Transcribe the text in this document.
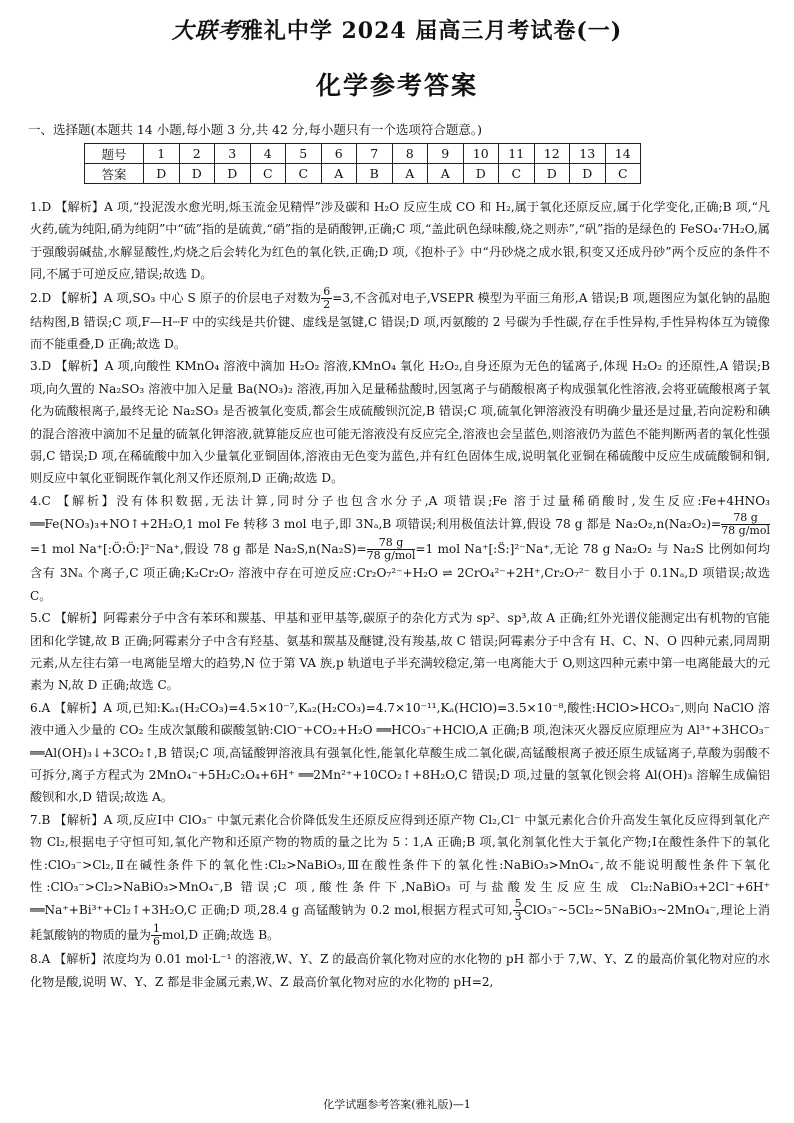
大联考雅礼中学 2024 届高三月考试卷(一)
化学参考答案
一、选择题(本题共 14 小题,每小题 3 分,共 42 分,每小题只有一个选项符合题意。)
题号	1	2	3	4	5	6	7	8	9	10	11	12	13	14
答案	D	D	D	C	C	A	B	A	A	D	C	D	D	C

1.D 【解析】A 项,“投泥泼水愈光明,烁玉流金见精悍”涉及碳和 H₂O 反应生成 CO 和 H₂,属于氧化还原反应,属于化学变化,正确;B 项,“凡火药,硫为纯阳,硝为纯阴”中“硫”指的是硫黄,“硝”指的是硝酸钾,正确;C 项,“盖此矾色绿味酸,烧之则赤”,“矾”指的是绿色的 FeSO₄·7H₂O,属于强酸弱碱盐,水解显酸性,灼烧之后会转化为红色的氧化铁,正确;D 项,《抱朴子》中“丹砂烧之成水银,积变又还成丹砂”两个反应的条件不同,不属于可逆反应,错误;故选 D。

2.D 【解析】A 项,SO₃ 中心 S 原子的价层电子对数为 $\frac{6}{2} =3$,不含孤对电子,VSEPR 模型为平面三角形,A 错误;B 项,题图应为氯化钠的晶胞结构图,B 错误;C 项,F—H┄F 中的实线是共价键、虚线是氢键,C 错误;D 项,丙氨酸的 2 号碳为手性碳,存在手性异构,手性异构体互为镜像而不能重叠,D 正确;故选 D。

3.D 【解析】A 项,向酸性 KMnO₄ 溶液中滴加 H₂O₂ 溶液,KMnO₄ 氧化 H₂O₂,自身还原为无色的锰离子,体现 H₂O₂ 的还原性,A 错误;B 项,向久置的 Na₂SO₃ 溶液中加入足量 Ba(NO₃)₂ 溶液,再加入足量稀盐酸时,因氢离子与硝酸根离子构成强氧化性溶液,会将亚硫酸根离子氧化为硫酸根离子,最终无论 Na₂SO₃ 是否被氧化变质,都会生成硫酸钡沉淀,B 错误;C 项,硫氧化钾溶液没有明确少量还是过量,若向淀粉和碘的混合溶液中滴加不足量的硫氧化钾溶液,就算能反应也可能无溶液没有反应完全,溶液也会呈蓝色,则溶液仍为蓝色不能判断两者的氧化性强弱,C 错误;D 项,在稀硫酸中加入少量氧化亚铜固体,溶液由无色变为蓝色,并有红色固体生成,说明氧化亚铜在稀硫酸中反应生成硫酸铜和铜,则反应中氧化亚铜既作氧化剂又作还原剂,D 正确;故选 D。

4.C 【解析】没有体积数据,无法计算,同时分子也包含水分子,A 项错误;Fe 溶于过量稀硝酸时,发生反应:Fe+4HNO₃ ══Fe(NO₃)₃+NO↑+2H₂O,1 mol Fe 转移 3 mol 电子,即 3Nₐ,B 项错误;利用极值法计算,假设 78 g 都是 $Na_2O_2,n(Na_2O_2)= \frac{78 g}{\text{78 g/mol}}$
=1 mol Na⁺[:Ö:Ö:]²⁻Na⁺,假设 78 g 都是 $Na_2S,n(Na_2S)= \frac{78 g}{\text{78 g/mol}} =1$ mol Na⁺[:S̈:]²⁻Na⁺,无论 78 g Na₂O₂ 与 Na₂S 比例如何均含有 3Nₐ 个离子,C 项正确;K₂Cr₂O₇ 溶液中存在可逆反应:Cr₂O₇²⁻+H₂O ⇌ 2CrO₄²⁻+2H⁺,Cr₂O₇²⁻ 数目小于 0.1Nₐ,D 项错误;故选 C。

5.C 【解析】阿霉素分子中含有苯环和羰基、甲基和亚甲基等,碳原子的杂化方式为 sp²、sp³,故 A 正确;红外光谱仪能测定出有机物的官能团和化学键,故 B 正确;阿霉素分子中含有羟基、氨基和羰基及醚键,没有羧基,故 C 错误;阿霉素分子中含有 H、C、N、O 四种元素,同周期元素,从左往右第一电离能呈增大的趋势,N 位于第 VA 族,p 轨道电子半充满较稳定,第一电离能大于 O,则这四种元素中第一电离能最大的元素为 N,故 D 正确;故选 C。

6.A 【解析】A 项,已知:Kₐ₁(H₂CO₃)=4.5×10⁻⁷,Kₐ₂(H₂CO₃)=4.7×10⁻¹¹,Kₐ(HClO)=3.5×10⁻⁸,酸性:HClO>HCO₃⁻,则向 NaClO 溶液中通入少量的 CO₂ 生成次氯酸和碳酸氢钠:ClO⁻+CO₂+H₂O ══HCO₃⁻+HClO,A 正确;B 项,泡沫灭火器反应原理应为 Al³⁺+3HCO₃⁻ ══Al(OH)₃↓+3CO₂↑,B 错误;C 项,高锰酸钾溶液具有强氧化性,能氧化草酸生成二氧化碳,高锰酸根离子被还原生成锰离子,草酸为弱酸不可拆分,离子方程式为 2MnO₄⁻+5H₂C₂O₄+6H⁺ ══2Mn²⁺+10CO₂↑+8H₂O,C 错误;D 项,过量的氢氧化钡会将 Al(OH)₃ 溶解生成偏铝酸钡和水,D 错误;故选 A。

7.B 【解析】A 项,反应Ⅰ中 ClO₃⁻ 中氯元素化合价降低发生还原反应得到还原产物 Cl₂,Cl⁻ 中氯元素化合价升高发生氧化反应得到氧化产物 Cl₂,根据电子守恒可知,氧化产物和还原产物的物质的量之比为 5∶1,A 正确;B 项,氧化剂氧化性大于氧化产物;Ⅰ在酸性条件下的氧化性:ClO₃⁻>Cl₂,Ⅱ在碱性条件下的氧化性:Cl₂>NaBiO₃,Ⅲ在酸性条件下的氧化性:NaBiO₃>MnO₄⁻,故不能说明酸性条件下氧化性:ClO₃⁻>Cl₂>NaBiO₃>MnO₄⁻,B 错误;C 项,酸性条件下,NaBiO₃ 可与盐酸发生反应生成 Cl₂:NaBiO₃+2Cl⁻+6H⁺ ══Na⁺+Bi³⁺+Cl₂↑+3H₂O,C 正确;D 项,28.4 g 高锰酸钠为 0.2 mol,根据方程式可知, $\frac{5}{3}$ ClO₃⁻~5Cl₂~5NaBiO₃~2MnO₄⁻,理论上消耗氯酸钠的物质的量为 $\frac{1}{6} mol,D$ 正确;故选 B。

8.A 【解析】浓度均为 0.01 mol·L⁻¹ 的溶液,W、Y、Z 的最高价氧化物对应的水化物的 pH 都小于 7,W、Y、Z 的最高价氧化物对应的水化物是酸,说明 W、Y、Z 都是非金属元素,W、Z 最高价氧化物对应的水化物的 pH=2,

化学试题参考答案(雅礼版)—1
